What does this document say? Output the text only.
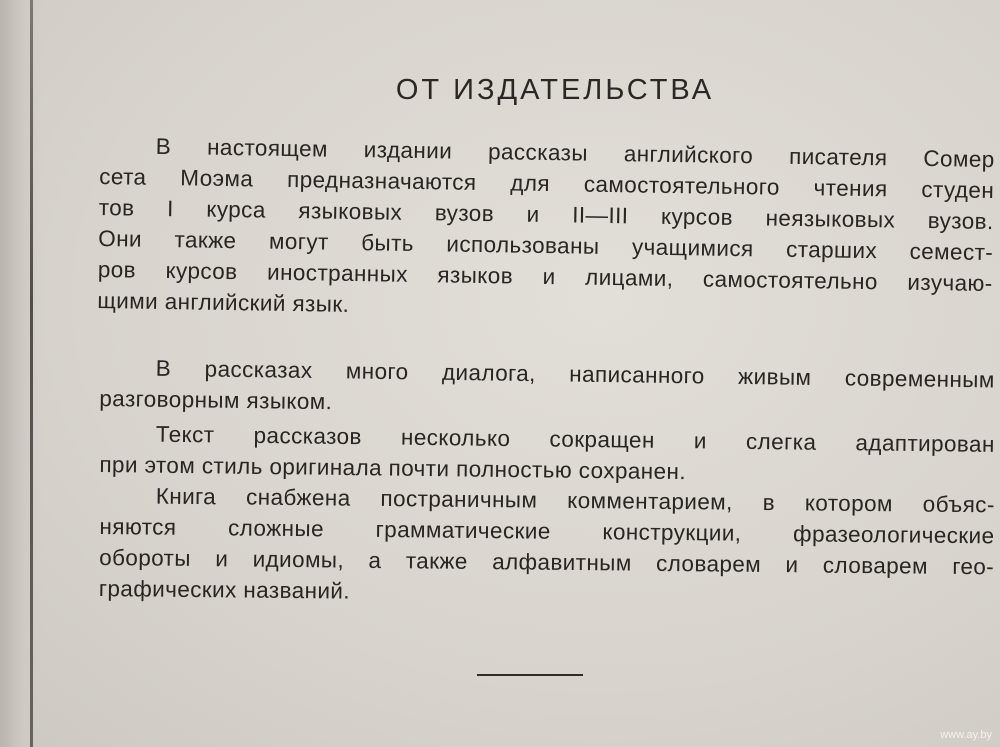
ОТ ИЗДАТЕЛЬСТВА
В настоящем издании рассказы английского писателя Сомер
сета Моэма предназначаются для самостоятельного чтения студен
тов I курса языковых вузов и II—III курсов неязыковых вузов.
Они также могут быть использованы учащимися старших семест-
ров курсов иностранных языков и лицами, самостоятельно изучаю-
щими английский язык.
В рассказах много диалога, написанного живым современным
разговорным языком.
Текст рассказов несколько сокращен и слегка адаптирован
при этом стиль оригинала почти полностью сохранен.
Книга снабжена постраничным комментарием, в котором объяс-
няются сложные грамматические конструкции, фразеологические
обороты и идиомы, а также алфавитным словарем и словарем гео-
графических названий.
www.ay.by
